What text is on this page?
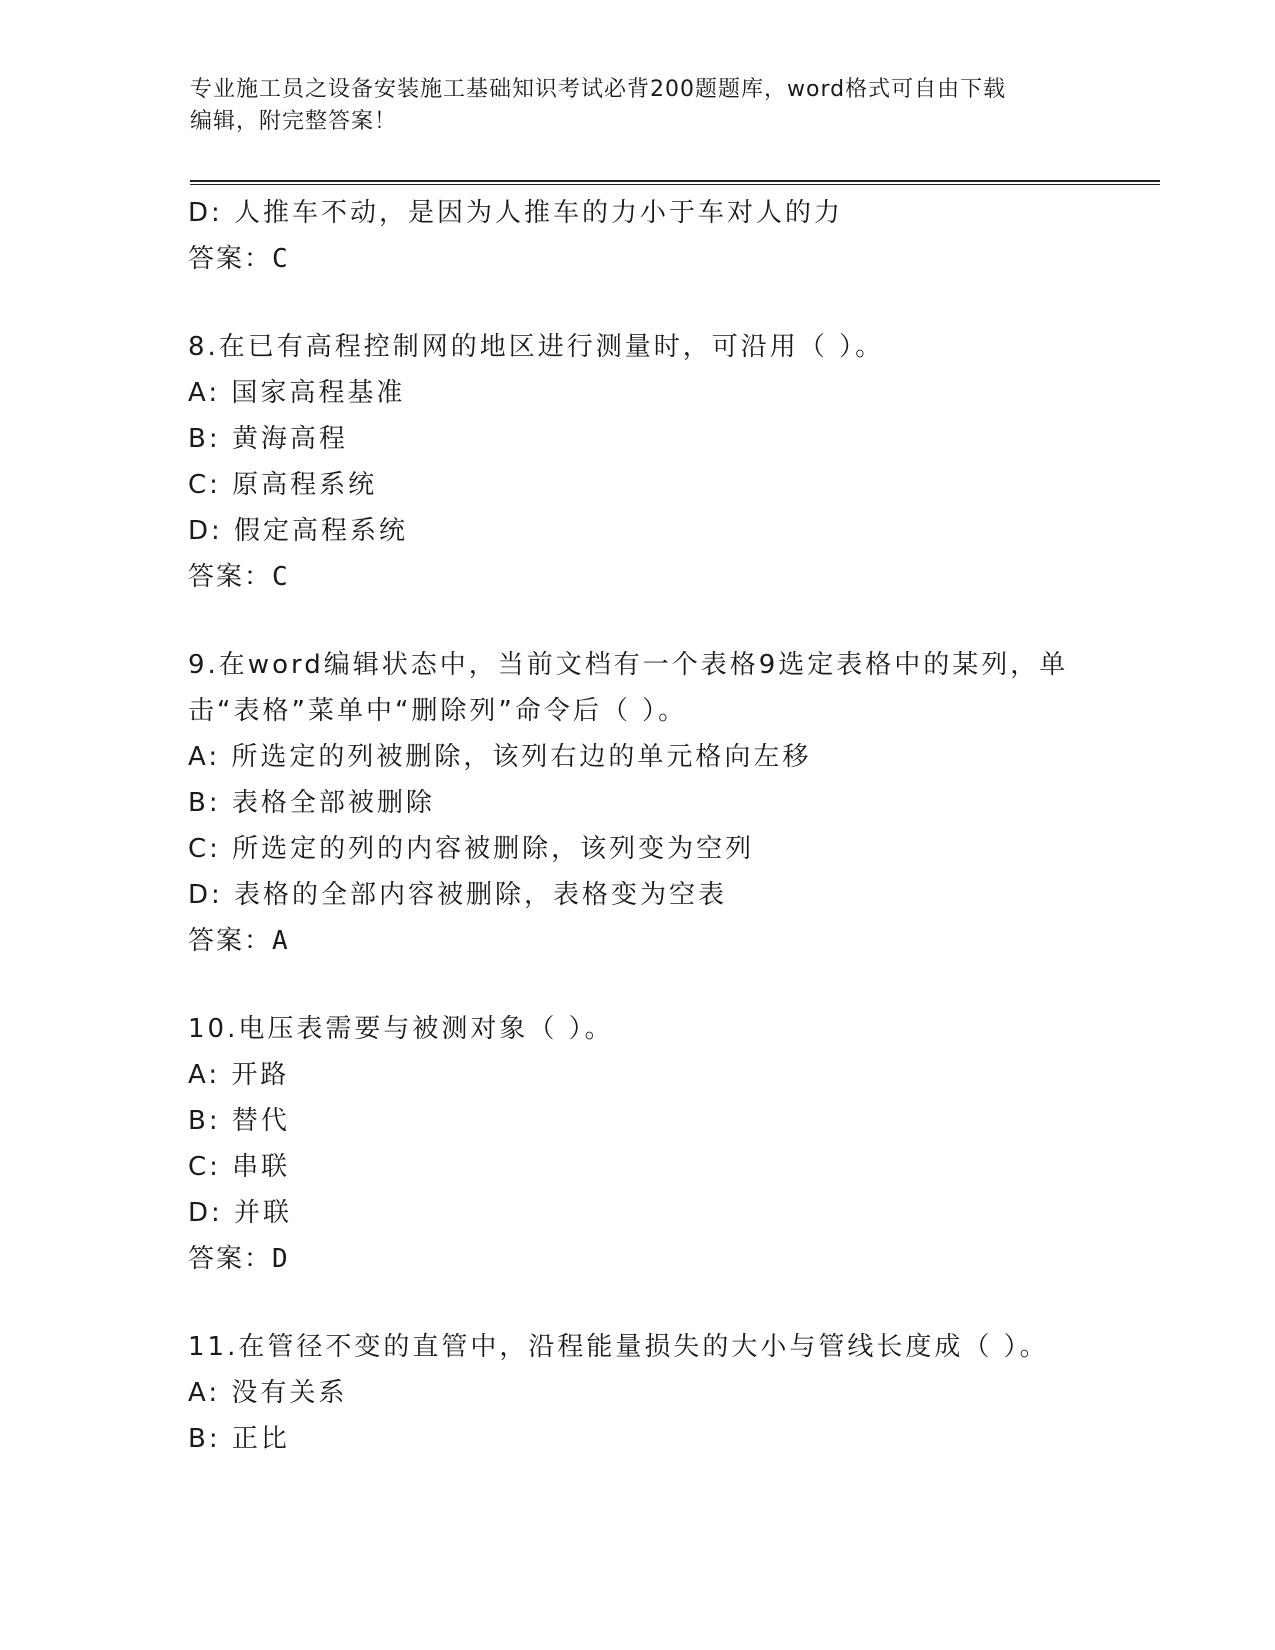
专业施工员之设备安装施工基础知识考试必背200题题库，word格式可自由下载
编辑，附完整答案！
D: 人推车不动，是因为人推车的力小于车对人的力
答案：C
8.在已有高程控制网的地区进行测量时，可沿用（ ）。
A: 国家高程基准
B: 黄海高程
C: 原高程系统
D: 假定高程系统
答案：C
9.在word编辑状态中，当前文档有一个表格9选定表格中的某列，单
击“表格”菜单中“删除列”命令后（ ）。
A: 所选定的列被删除，该列右边的单元格向左移
B: 表格全部被删除
C: 所选定的列的内容被删除，该列变为空列
D: 表格的全部内容被删除，表格变为空表
答案：A
10.电压表需要与被测对象（ ）。
A: 开路
B: 替代
C: 串联
D: 并联
答案：D
11.在管径不变的直管中，沿程能量损失的大小与管线长度成（ ）。
A: 没有关系
B: 正比
